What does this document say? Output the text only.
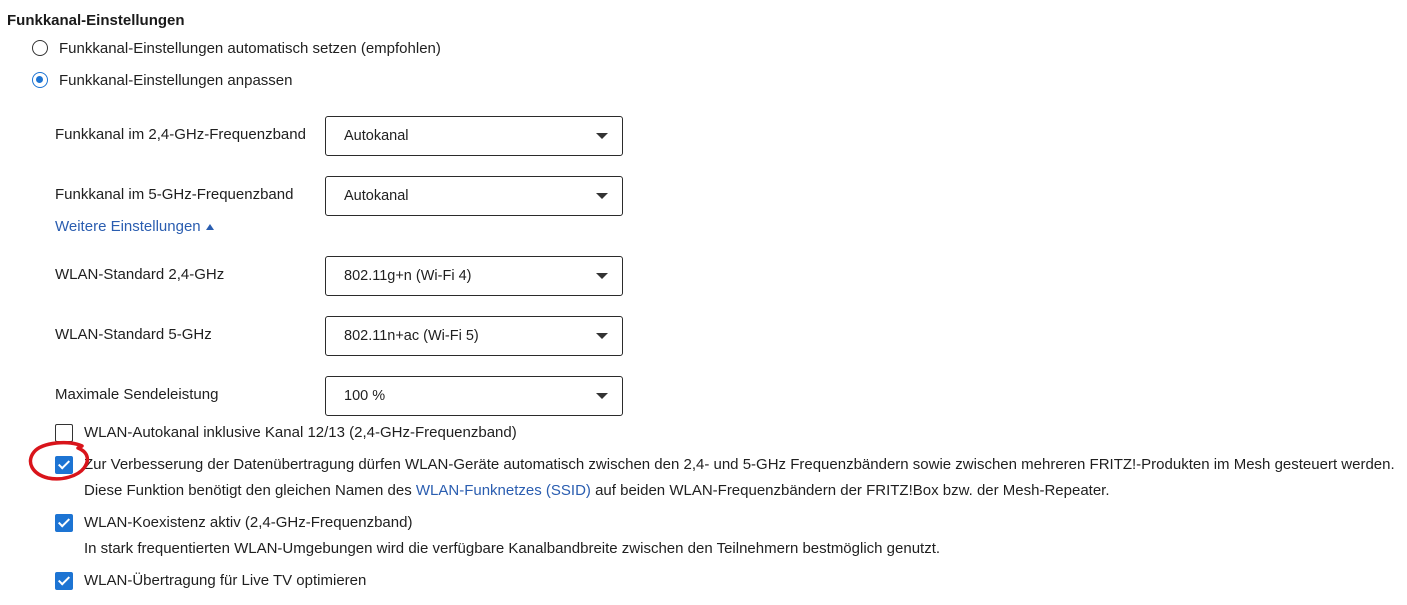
Funkkanal-Einstellungen
Funkkanal-Einstellungen automatisch setzen (empfohlen)
Funkkanal-Einstellungen anpassen
Funkkanal im 2,4-GHz-Frequenzband	Autokanal
Funkkanal im 5-GHz-Frequenzband	Autokanal
Weitere Einstellungen
WLAN-Standard 2,4-GHz	802.11g+n (Wi-Fi 4)
WLAN-Standard 5-GHz	802.11n+ac (Wi-Fi 5)
Maximale Sendeleistung	100 %
WLAN-Autokanal inklusive Kanal 12/13 (2,4-GHz-Frequenzband)
Zur Verbesserung der Datenübertragung dürfen WLAN-Geräte automatisch zwischen den 2,4- und 5-GHz Frequenzbändern sowie zwischen mehreren FRITZ!-Produkten im Mesh gesteuert werden.
Diese Funktion benötigt den gleichen Namen des WLAN-Funknetzes (SSID) auf beiden WLAN-Frequenzbändern der FRITZ!Box bzw. der Mesh-Repeater.
WLAN-Koexistenz aktiv (2,4-GHz-Frequenzband)
In stark frequentierten WLAN-Umgebungen wird die verfügbare Kanalbandbreite zwischen den Teilnehmern bestmöglich genutzt.
WLAN-Übertragung für Live TV optimieren
